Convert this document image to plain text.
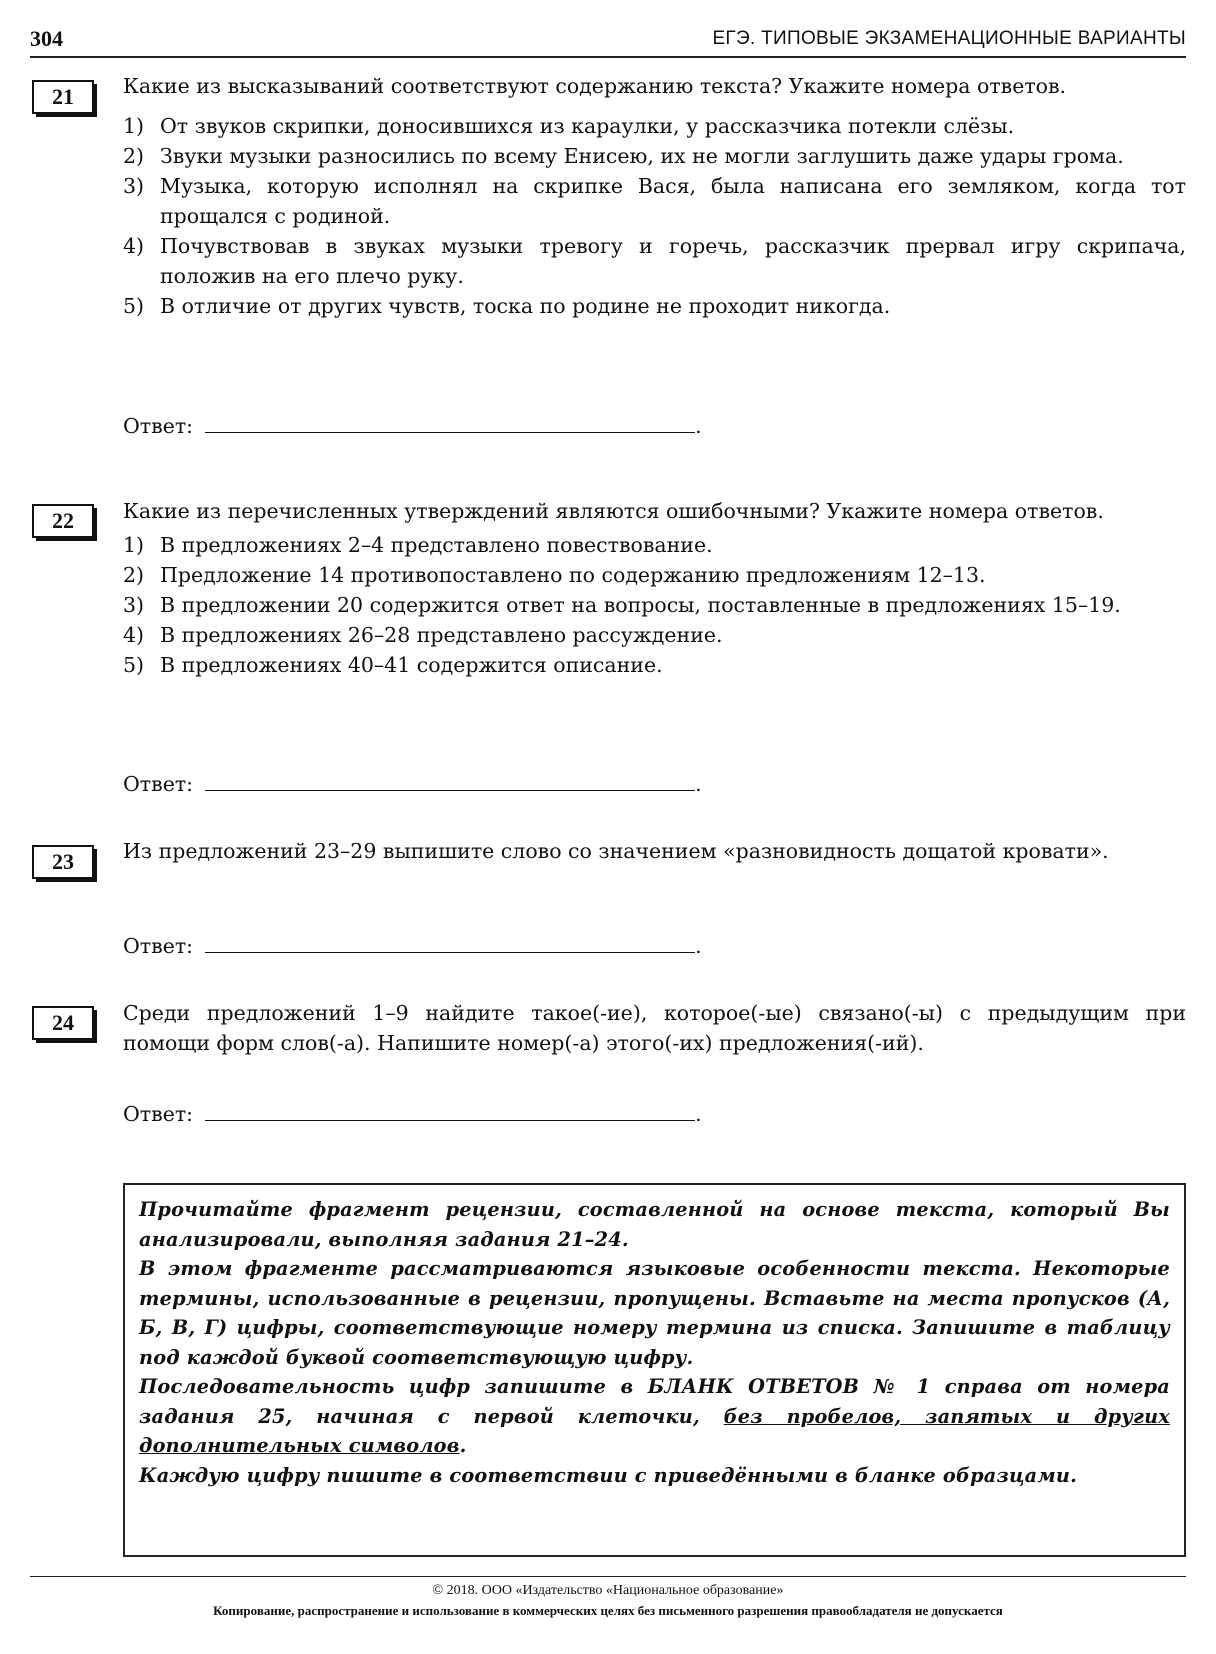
304	ЕГЭ. ТИПОВЫЕ ЭКЗАМЕНАЦИОННЫЕ ВАРИАНТЫ
21	Какие из высказываний соответствуют содержанию текста? Укажите номера ответов.

1) От звуков скрипки, доносившихся из караулки, у рассказчика потекли слёзы.
2) Звуки музыки разносились по всему Енисею, их не могли заглушить даже удары грома.
3) Музыка, которую исполнял на скрипке Вася, была написана его земляком, когда тот прощался с родиной.
4) Почувствовав в звуках музыки тревогу и горечь, рассказчик прервал игру скрипача, положив на его плечо руку.
5) В отличие от других чувств, тоска по родине не проходит никогда.
Ответ:	.
22	Какие из перечисленных утверждений являются ошибочными? Укажите номера ответов.

1) В предложениях 2–4 представлено повествование.
2) Предложение 14 противопоставлено по содержанию предложениям 12–13.
3) В предложении 20 содержится ответ на вопросы, поставленные в предложениях 15–19.
4) В предложениях 26–28 представлено рассуждение.
5) В предложениях 40–41 содержится описание.
Ответ:	.
23	Из предложений 23–29 выпишите слово со значением «разновидность дощатой кровати».

Ответ:	.
24	Среди предложений 1–9 найдите такое(-ие), которое(-ые) связано(-ы) с предыдущим при помощи форм слов(-а). Напишите номер(-а) этого(-их) предложения(-ий).

Ответ:	.

Прочитайте фрагмент рецензии, составленной на основе текста, который Вы анализировали, выполняя задания 21–24.

В этом фрагменте рассматриваются языковые особенности текста. Некоторые термины, использованные в рецензии, пропущены. Вставьте на места пропусков (А, Б, В, Г) цифры, соответствующие номеру термина из списка. Запишите в таблицу под каждой буквой соответствующую цифру.

Последовательность цифр запишите в БЛАНК ОТВЕТОВ № 1 справа от номера задания 25, начиная с первой клеточки, без пробелов, запятых и других дополнительных символов.

Каждую цифру пишите в соответствии с приведёнными в бланке образцами.

© 2018. ООО «Издательство «Национальное образование»
Копирование, распространение и использование в коммерческих целях без письменного разрешения правообладателя не допускается
